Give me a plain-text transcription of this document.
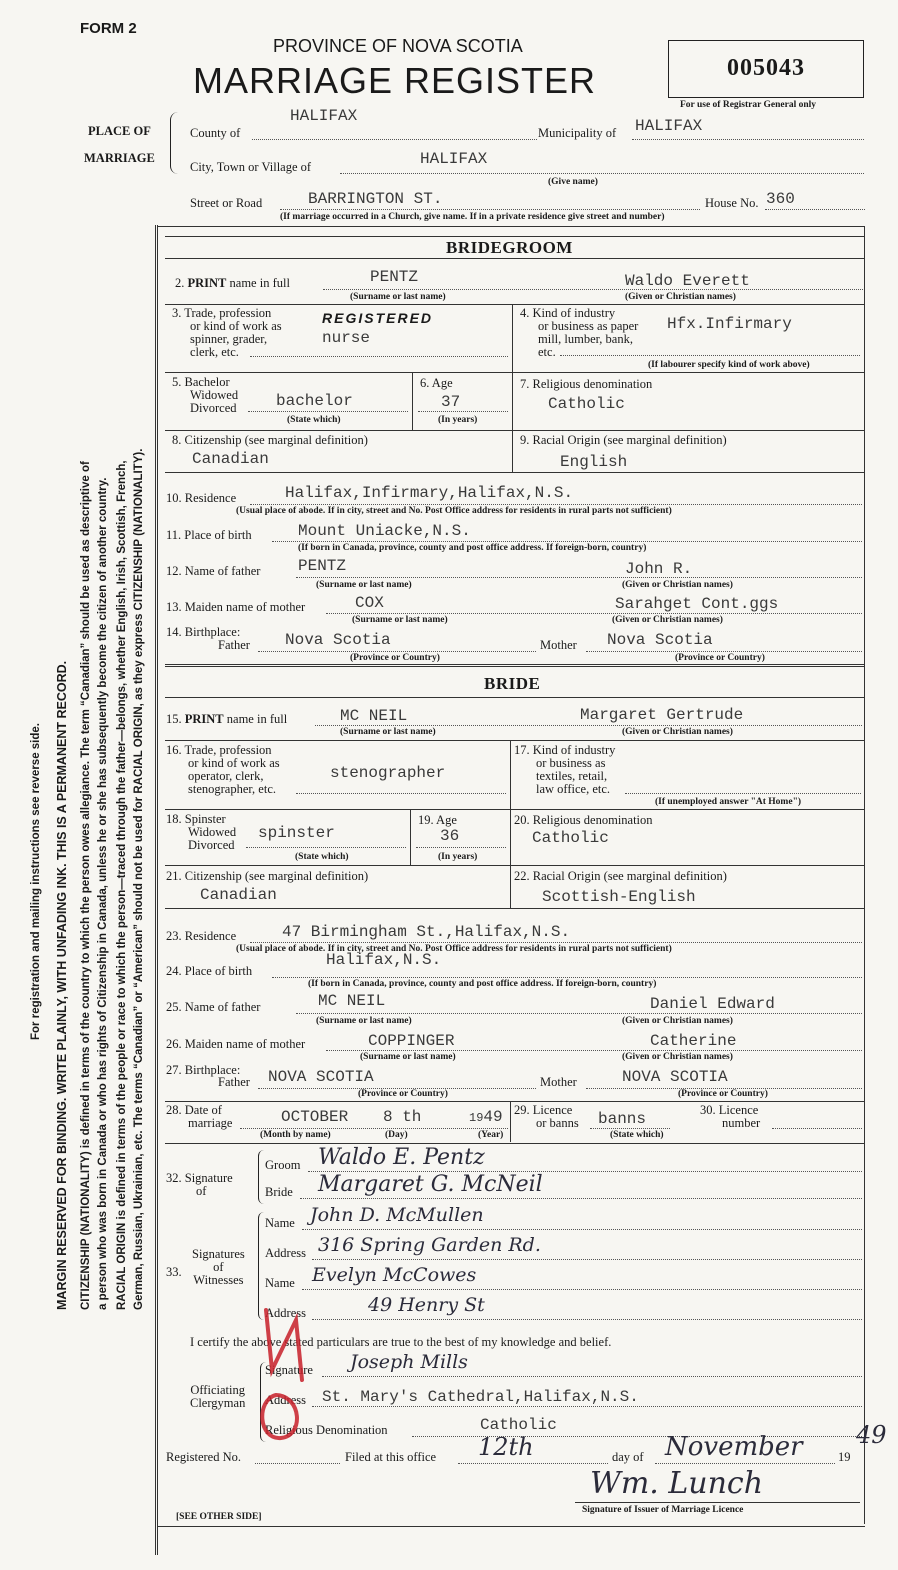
FORM 2
PROVINCE OF NOVA SCOTIA
MARRIAGE REGISTER	005043
For use of Registrar General only
For registration and mailing instructions see reverse side. MARGIN RESERVED FOR BINDING. WRITE PLAINLY, WITH UNFADING INK. THIS IS A PERMANENT RECORD. CITIZENSHIP (NATIONALITY) is defined in terms of the country to which the person owes allegiance. The term “Canadian” should be used as descriptive of a person who was born in Canada or who has rights of Citizenship in Canada, unless he or she has subsequently become the citizen of another country. RACIAL ORIGIN is defined in terms of the people or race to which the person—traced through the father—belongs, whether English, Irish, Scottish, French, German, Russian, Ukrainian, etc. The terms “Canadian” or “American” should not be used for RACIAL ORIGIN, as they express CITIZENSHIP (NATIONALITY).
PLACE OF
MARRIAGE
County of
HALIFAX
Municipality of HALIFAX
City, Town or Village of	HALIFAX
(Give name)
Street or Road	BARRINGTON ST.	House No. 360
(If marriage occurred in a Church, give name. If in a private residence give street and number)
BRIDEGROOM
2. PRINT name in full	PENTZ	Waldo Everett
(Surname or last name)	(Given or Christian names)
3. Trade, profession
or kind of work as
spinner, grader,
clerk, etc.
REGISTERED
nurse
4. Kind of industry
or business as paper
mill, lumber, bank,
etc.
Hfx.Infirmary
(If labourer specify kind of work above)
5. Bachelor
Widowed
Divorced bachelor
(State which)
6. Age
37
(In years)
7. Religious denomination
Catholic
8. Citizenship (see marginal definition)
Canadian
9. Racial Origin (see marginal definition)
English
10. Residence	Halifax,Infirmary,Halifax,N.S.
(Usual place of abode. If in city, street and No. Post Office address for residents in rural parts not sufficient)
11. Place of birth	Mount Uniacke,N.S.
(If born in Canada, province, county and post office address. If foreign-born, country)
12. Name of father PENTZ	John R.
(Surname or last name)	(Given or Christian names)
13. Maiden name of mother	COX	Sarahget Cont.ggs
(Surname or last name)	(Given or Christian names)
14. Birthplace:
Father Nova Scotia	Mother Nova Scotia
(Province or Country)	(Province or Country)
BRIDE
15. PRINT name in full	MC NEIL	Margaret Gertrude
(Surname or last name)	(Given or Christian names)
16. Trade, profession
or kind of work as
operator, clerk,
stenographer, etc.
stenographer
17. Kind of industry
or business as
textiles, retail,
law office, etc.
(If unemployed answer "At Home")
18. Spinster
Widowed
Divorced
spinster
(State which)
19. Age
36
(In years)
20. Religious denomination
Catholic
21. Citizenship (see marginal definition)
Canadian
22. Racial Origin (see marginal definition)
Scottish-English
23. Residence	47 Birmingham St.,Halifax,N.S.
(Usual place of abode. If in city, street and No. Post Office address for residents in rural parts not sufficient)
24. Place of birth
Halifax,N.S.
(If born in Canada, province, county and post office address. If foreign-born, country)
25. Name of father	MC NEIL	Daniel Edward
(Surname or last name)	(Given or Christian names)
26. Maiden name of mother	COPPINGER	Catherine
(Surname or last name)	(Given or Christian names)
27. Birthplace:
Father NOVA SCOTIA	Mother	NOVA SCOTIA
(Province or Country)	(Province or Country)
28. Date of
marriage	OCTOBER 8 th	1949
(Month by name)	(Day)	(Year)
29. Licence
or banns banns
(State which)
30. Licence
number
32. Signature
of
Groom Waldo E. Pentz
Bride Margaret G. McNeil
33.
Signatures
of
Witnesses
Name John D. McMullen
Address 316 Spring Garden Rd.
Name Evelyn McCowes
Address	49 Henry St
I certify the above stated particulars are true to the best of my knowledge and belief.
Officiating
Clergyman
Signature Joseph Mills
Address St. Mary's Cathedral,Halifax,N.S.
Religious Denomination	Catholic
Registered No.	Filed at this office 12th	day of November	19
49
Wm. Lunch
Signature of Issuer of Marriage Licence
[SEE OTHER SIDE]
